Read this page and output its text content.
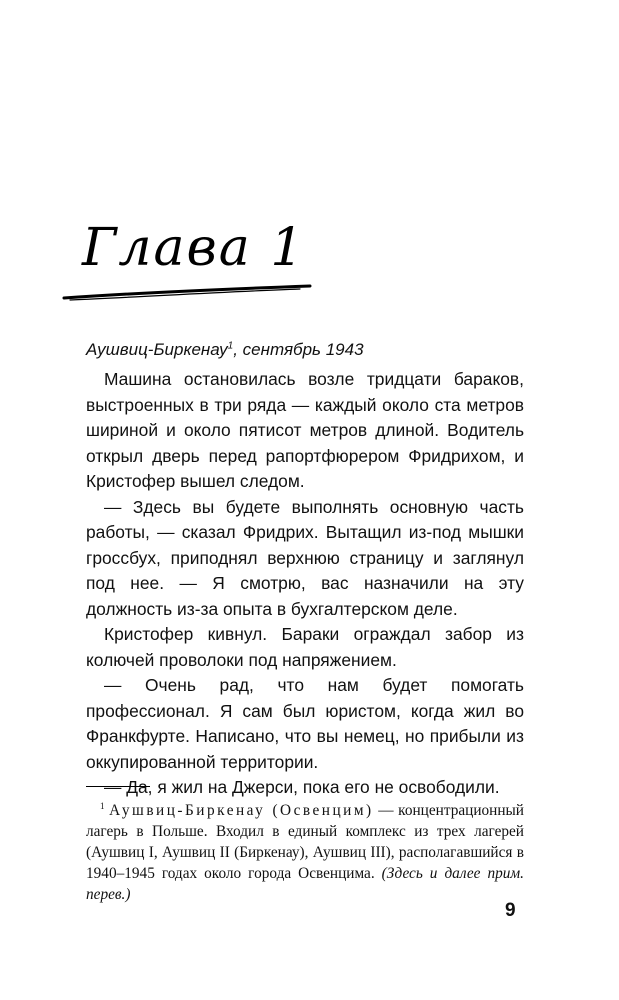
Глава 1
Аушвиц-Биркенау$^1$, сентябрь 1943

Машина остановилась возле тридцати бараков, выстроенных в три ряда — каждый около ста метров шириной и около пятисот метров длиной. Водитель открыл дверь перед рапортфюрером Фридрихом, и Кристофер вышел следом.

— Здесь вы будете выполнять основную часть работы, — сказал Фридрих. Вытащил из-под мышки гроссбух, приподнял верхнюю страницу и заглянул под нее. — Я смотрю, вас назначили на эту должность из-за опыта в бухгалтерском деле.

Кристофер кивнул. Бараки ограждал забор из колючей проволоки под напряжением.

— Очень рад, что нам будет помогать профессионал. Я сам был юристом, когда жил во Франкфурте. Написано, что вы немец, но прибыли из оккупированной территории.

— Да, я жил на Джерси, пока его не освободили.

$^1$ Аушвиц-Биркенау (Освенцим) — концентрационный лагерь в Польше. Входил в единый комплекс из трех лагерей (Аушвиц I, Аушвиц II (Биркенау), Аушвиц III), располагавшийся в 1940–1945 годах около города Освенцима. (Здесь и далее прим. перев.)
9
